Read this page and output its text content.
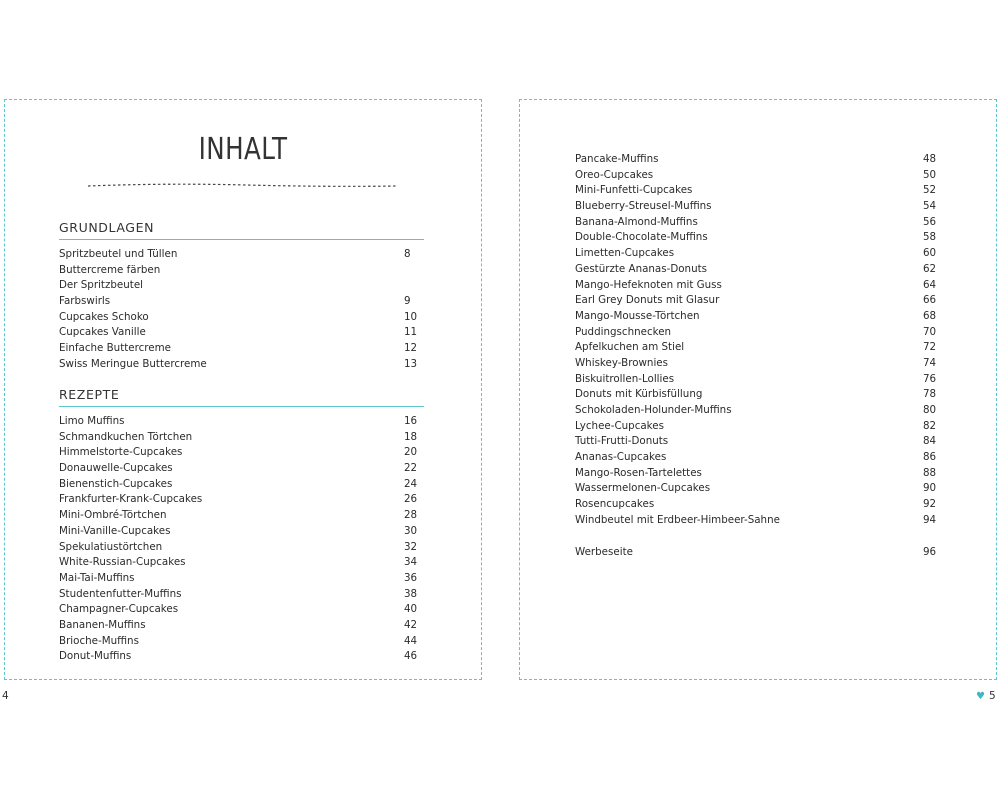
INHALT
GRUNDLAGEN
Spritzbeutel und Tüllen	8
Buttercreme färben
Der Spritzbeutel
Farbswirls	9
Cupcakes Schoko	10
Cupcakes Vanille	11
Einfache Buttercreme	12
Swiss Meringue Buttercreme	13
REZEPTE
Limo Muffins	16
Schmandkuchen Törtchen	18
Himmelstorte-Cupcakes	20
Donauwelle-Cupcakes	22
Bienenstich-Cupcakes	24
Frankfurter-Krank-Cupcakes	26
Mini-Ombré-Törtchen	28
Mini-Vanille-Cupcakes	30
Spekulatiustörtchen	32
White-Russian-Cupcakes	34
Mai-Tai-Muffins	36
Studentenfutter-Muffins	38
Champagner-Cupcakes	40
Bananen-Muffins	42
Brioche-Muffins	44
Donut-Muffins	46
Pancake-Muffins	48
Oreo-Cupcakes	50
Mini-Funfetti-Cupcakes	52
Blueberry-Streusel-Muffins	54
Banana-Almond-Muffins	56
Double-Chocolate-Muffins	58
Limetten-Cupcakes	60
Gestürzte Ananas-Donuts	62
Mango-Hefeknoten mit Guss	64
Earl Grey Donuts mit Glasur	66
Mango-Mousse-Törtchen	68
Puddingschnecken	70
Apfelkuchen am Stiel	72
Whiskey-Brownies	74
Biskuitrollen-Lollies	76
Donuts mit Kürbisfüllung	78
Schokoladen-Holunder-Muffins	80
Lychee-Cupcakes	82
Tutti-Frutti-Donuts	84
Ananas-Cupcakes	86
Mango-Rosen-Tartelettes	88
Wassermelonen-Cupcakes	90
Rosencupcakes	92
Windbeutel mit Erdbeer-Himbeer-Sahne	94
Werbeseite	96
4	♥ 5
